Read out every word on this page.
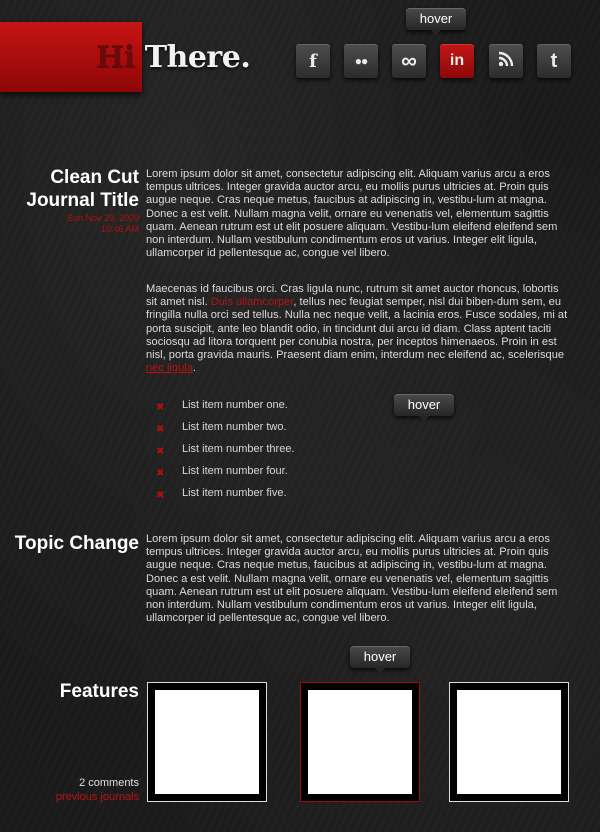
Hi There.
hover
f	●● ∞ in	t
Clean Cut
Journal Title
Sun Nov 29, 2009
10:46 AM
Lorem ipsum dolor sit amet, consectetur adipiscing elit. Aliquam varius arcu a eros tempus ultrices. Integer gravida auctor arcu, eu mollis purus ultricies at. Proin quis augue neque. Cras neque metus, faucibus at adipiscing in, vestibu-lum at magna. Donec a est velit. Nullam magna velit, ornare eu venenatis vel, elementum sagittis quam. Aenean rutrum est ut elit posuere aliquam. Vestibu-lum eleifend eleifend sem non interdum. Nullam vestibulum condimentum eros ut varius. Integer elit ligula, ullamcorper id pellentesque ac, congue vel libero.
Maecenas id faucibus orci. Cras ligula nunc, rutrum sit amet auctor rhoncus, lobortis sit amet nisl. Duis ullamcorper, tellus nec feugiat semper, nisl dui biben-dum sem, eu fringilla nulla orci sed tellus. Nulla nec neque velit, a lacinia eros. Fusce sodales, mi at porta suscipit, ante leo blandit odio, in tincidunt dui arcu id diam. Class aptent taciti sociosqu ad litora torquent per conubia nostra, per inceptos himenaeos. Proin in est nisl, porta gravida mauris. Praesent diam enim, interdum nec eleifend ac, scelerisque nec ligula.
hover
✖ List item number one.
✖ List item number two.
✖ List item number three.
✖ List item number four.
✖ List item number five.
Topic Change Lorem ipsum dolor sit amet, consectetur adipiscing elit. Aliquam varius arcu a eros tempus ultrices. Integer gravida auctor arcu, eu mollis purus ultricies at. Proin quis augue neque. Cras neque metus, faucibus at adipiscing in, vestibu-lum at magna. Donec a est velit. Nullam magna velit, ornare eu venenatis vel, elementum sagittis quam. Aenean rutrum est ut elit posuere aliquam. Vestibu-lum eleifend eleifend sem non interdum. Nullam vestibulum condimentum eros ut varius. Integer elit ligula, ullamcorper id pellentesque ac, congue vel libero.
hover
Features
2 comments
previous journals
